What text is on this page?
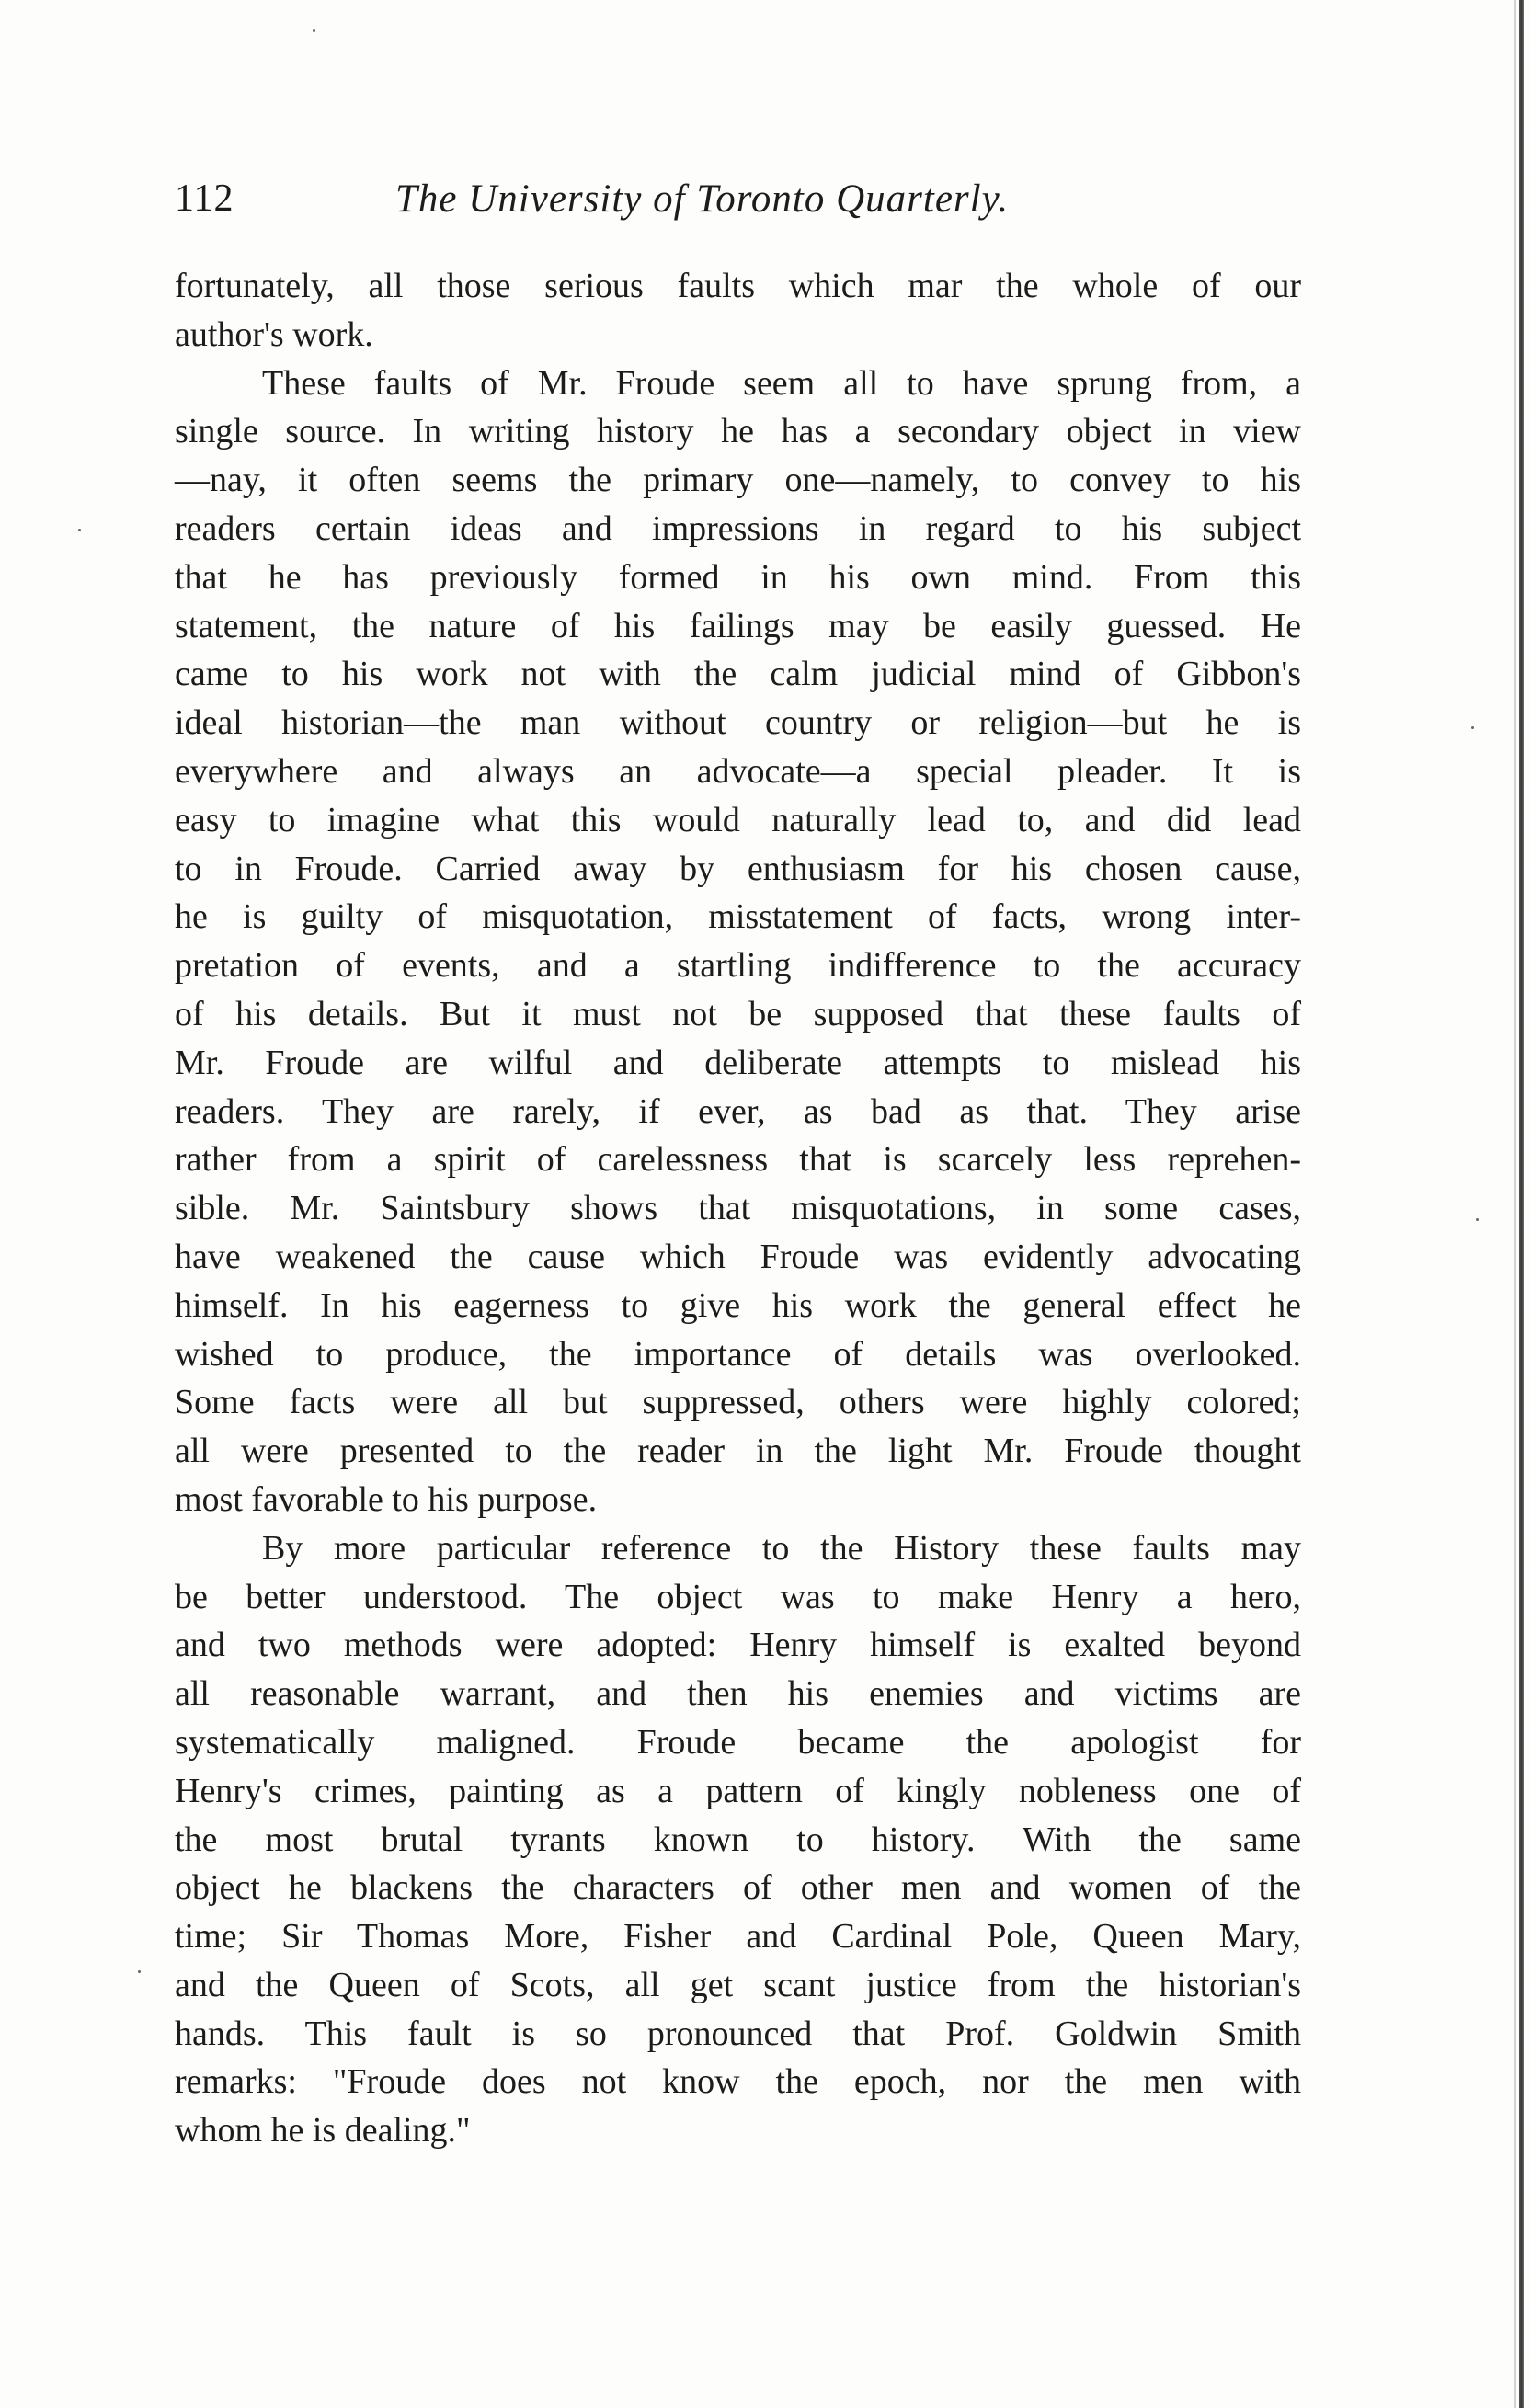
112	The University of Toronto Quarterly.
fortunately, all those serious faults which mar the whole of our
author's work.
These faults of Mr. Froude seem all to have sprung from, a
single source. In writing history he has a secondary object in view
—nay, it often seems the primary one—namely, to convey to his
readers certain ideas and impressions in regard to his subject
that he has previously formed in his own mind. From this
statement, the nature of his failings may be easily guessed. He
came to his work not with the calm judicial mind of Gibbon's
ideal historian—the man without country or religion—but he is
everywhere and always an advocate—a special pleader. It is
easy to imagine what this would naturally lead to, and did lead
to in Froude. Carried away by enthusiasm for his chosen cause,
he is guilty of misquotation, misstatement of facts, wrong inter-
pretation of events, and a startling indifference to the accuracy
of his details. But it must not be supposed that these faults of
Mr. Froude are wilful and deliberate attempts to mislead his
readers. They are rarely, if ever, as bad as that. They arise
rather from a spirit of carelessness that is scarcely less reprehen-
sible. Mr. Saintsbury shows that misquotations, in some cases,
have weakened the cause which Froude was evidently advocating
himself. In his eagerness to give his work the general effect he
wished to produce, the importance of details was overlooked.
Some facts were all but suppressed, others were highly colored;
all were presented to the reader in the light Mr. Froude thought
most favorable to his purpose.
By more particular reference to the History these faults may
be better understood. The object was to make Henry a hero,
and two methods were adopted: Henry himself is exalted beyond
all reasonable warrant, and then his enemies and victims are
systematically maligned. Froude became the apologist for
Henry's crimes, painting as a pattern of kingly nobleness one of
the most brutal tyrants known to history. With the same
object he blackens the characters of other men and women of the
time; Sir Thomas More, Fisher and Cardinal Pole, Queen Mary,
and the Queen of Scots, all get scant justice from the historian's
hands. This fault is so pronounced that Prof. Goldwin Smith
remarks: "Froude does not know the epoch, nor the men with
whom he is dealing."
